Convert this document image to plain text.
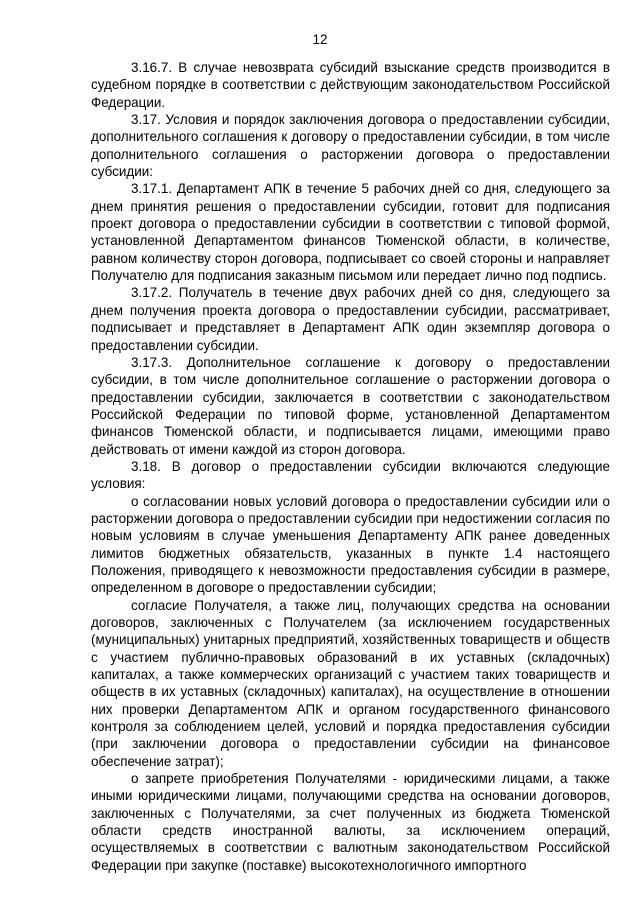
12

3.16.7. В случае невозврата субсидий взыскание средств производится в судебном порядке в соответствии с действующим законодательством Российской Федерации.

3.17. Условия и порядок заключения договора о предоставлении субсидии, дополнительного соглашения к договору о предоставлении субсидии, в том числе дополнительного соглашения о расторжении договора о предоставлении субсидии:

3.17.1. Департамент АПК в течение 5 рабочих дней со дня, следующего за днем принятия решения о предоставлении субсидии, готовит для подписания проект договора о предоставлении субсидии в соответствии с типовой формой, установленной Департаментом финансов Тюменской области, в количестве, равном количеству сторон договора, подписывает со своей стороны и направляет Получателю для подписания заказным письмом или передает лично под подпись.

3.17.2. Получатель в течение двух рабочих дней со дня, следующего за днем получения проекта договора о предоставлении субсидии, рассматривает, подписывает и представляет в Департамент АПК один экземпляр договора о предоставлении субсидии.

3.17.3. Дополнительное соглашение к договору о предоставлении субсидии, в том числе дополнительное соглашение о расторжении договора о предоставлении субсидии, заключается в соответствии с законодательством Российской Федерации по типовой форме, установленной Департаментом финансов Тюменской области, и подписывается лицами, имеющими право действовать от имени каждой из сторон договора.

3.18. В договор о предоставлении субсидии включаются следующие условия:

о согласовании новых условий договора о предоставлении субсидии или о расторжении договора о предоставлении субсидии при недостижении согласия по новым условиям в случае уменьшения Департаменту АПК ранее доведенных лимитов бюджетных обязательств, указанных в пункте 1.4 настоящего Положения, приводящего к невозможности предоставления субсидии в размере, определенном в договоре о предоставлении субсидии;

согласие Получателя, а также лиц, получающих средства на основании договоров, заключенных с Получателем (за исключением государственных (муниципальных) унитарных предприятий, хозяйственных товариществ и обществ с участием публично-правовых образований в их уставных (складочных) капиталах, а также коммерческих организаций с участием таких товариществ и обществ в их уставных (складочных) капиталах), на осуществление в отношении них проверки Департаментом АПК и органом государственного финансового контроля за соблюдением целей, условий и порядка предоставления субсидии (при заключении договора о предоставлении субсидии на финансовое обеспечение затрат);

о запрете приобретения Получателями - юридическими лицами, а также иными юридическими лицами, получающими средства на основании договоров, заключенных с Получателями, за счет полученных из бюджета Тюменской области средств иностранной валюты, за исключением операций, осуществляемых в соответствии с валютным законодательством Российской Федерации при закупке (поставке) высокотехнологичного импортного
